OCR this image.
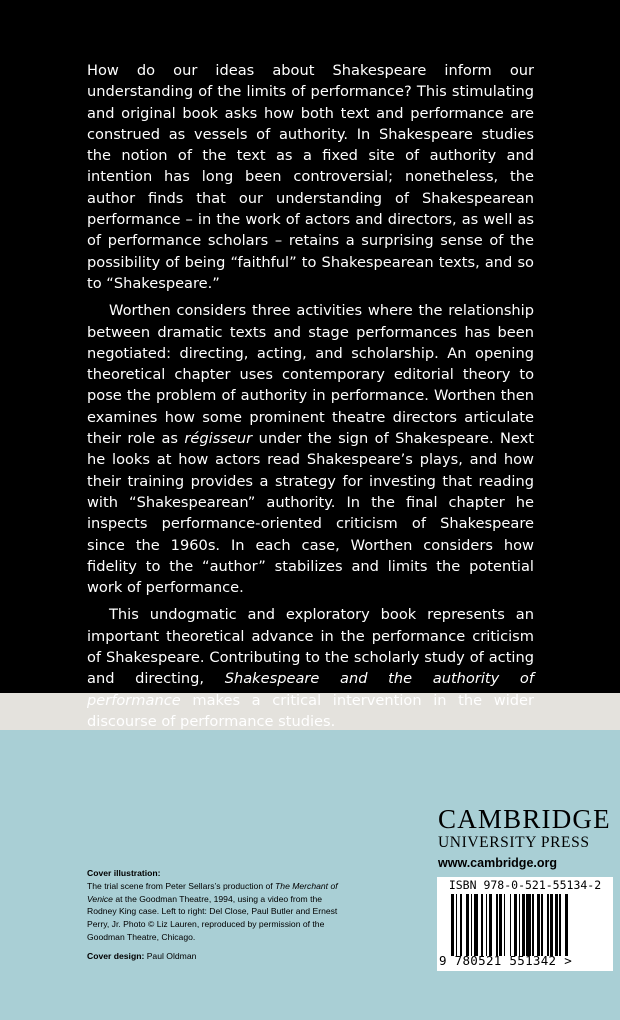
How do our ideas about Shakespeare inform our understanding of the limits of performance? This stimulating and original book asks how both text and performance are construed as vessels of authority. In Shakespeare studies the notion of the text as a fixed site of authority and intention has long been controversial; nonetheless, the author finds that our understanding of Shakespearean performance – in the work of actors and directors, as well as of performance scholars – retains a surprising sense of the possibility of being “faithful” to Shakespearean texts, and so to “Shakespeare.”

Worthen considers three activities where the relationship between dramatic texts and stage performances has been negotiated: directing, acting, and scholarship. An opening theoretical chapter uses contemporary editorial theory to pose the problem of authority in performance. Worthen then examines how some prominent theatre directors articulate their role as régisseur under the sign of Shakespeare. Next he looks at how actors read Shakespeare’s plays, and how their training provides a strategy for investing that reading with “Shakespearean” authority. In the final chapter he inspects performance-oriented criticism of Shakespeare since the 1960s. In each case, Worthen considers how fidelity to the “author” stabilizes and limits the potential work of performance.

This undogmatic and exploratory book represents an important theoretical advance in the performance criticism of Shakespeare. Contributing to the scholarly study of acting and directing, Shakespeare and the authority of performance makes a critical intervention in the wider discourse of performance studies.

CAMBRIDGE
UNIVERSITY PRESS
www.cambridge.org
Cover illustration:
The trial scene from Peter Sellars’s production of The Merchant of Venice at the Goodman Theatre, 1994, using a video from the Rodney King case. Left to right: Del Close, Paul Butler and Ernest Perry, Jr. Photo © Liz Lauren, reproduced by permission of the Goodman Theatre, Chicago.
Cover design: Paul Oldman
ISBN 978-0-521-55134-2
9 780521 551342 >
